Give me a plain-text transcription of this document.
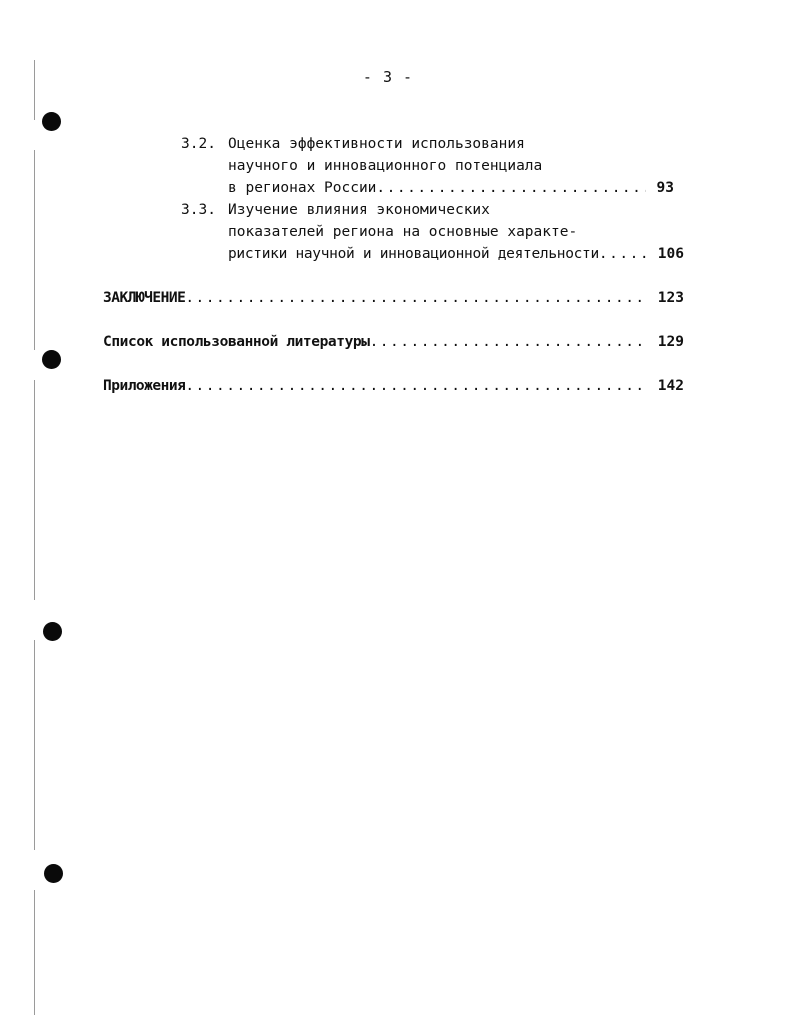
- 3 -
3.2. Оценка эффективности использования
научного и инновационного потенциала
в регионах России .....	93
3.3. Изучение влияния экономических
показателей региона на основные характе-
ристики научной и инновационной деятельности .....	106
ЗАКЛЮЧЕНИЕ .....	123
Список использованной литературы .....	129
Приложения .....	142
